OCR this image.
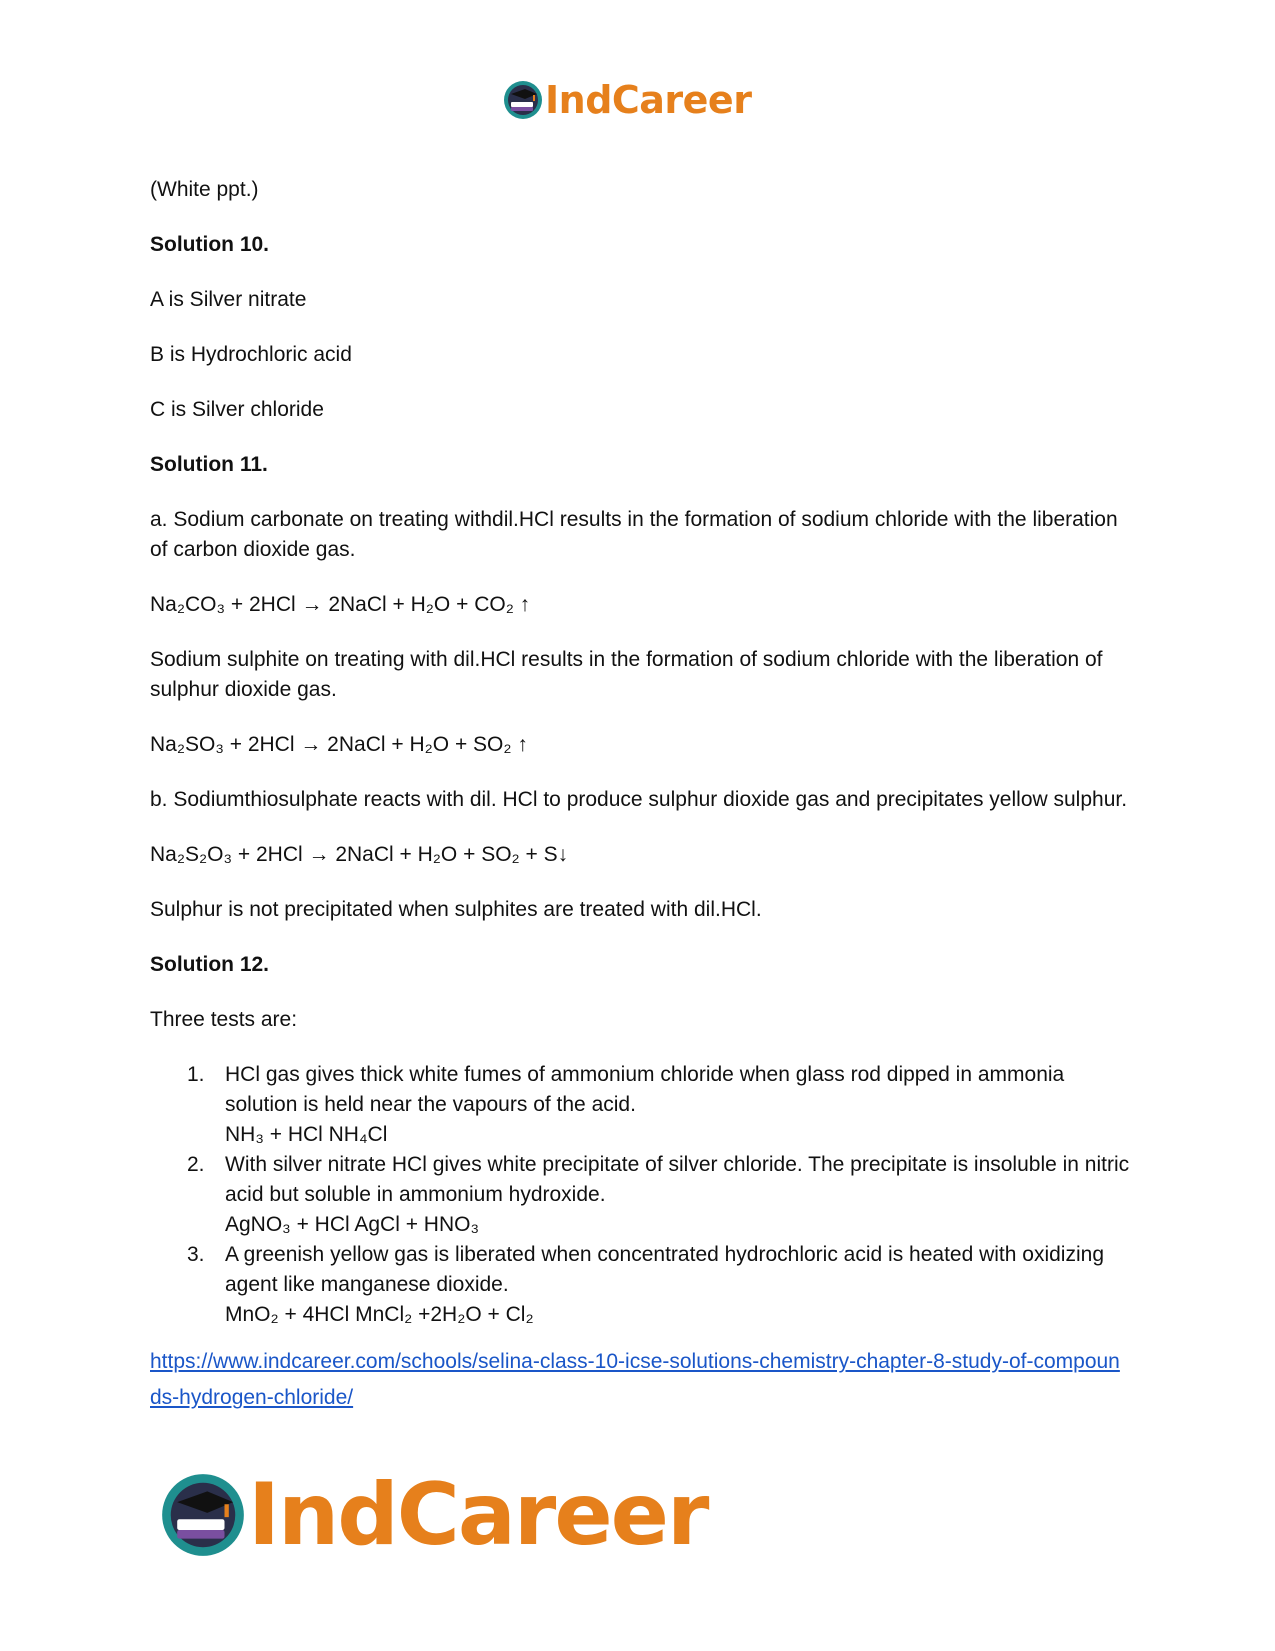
IndCareer

(White ppt.)

Solution 10.

A is Silver nitrate

B is Hydrochloric acid

C is Silver chloride

Solution 11.

a. Sodium carbonate on treating withdil.HCl results in the formation of sodium chloride with the liberation of carbon dioxide gas.

Na₂CO₃ + 2HCl → 2NaCl + H₂O + CO₂ ↑

Sodium sulphite on treating with dil.HCl results in the formation of sodium chloride with the liberation of sulphur dioxide gas.

Na₂SO₃ + 2HCl → 2NaCl + H₂O + SO₂ ↑

b. Sodiumthiosulphate reacts with dil. HCl to produce sulphur dioxide gas and precipitates yellow sulphur.

Na₂S₂O₃ + 2HCl → 2NaCl + H₂O + SO₂ + S↓

Sulphur is not precipitated when sulphites are treated with dil.HCl.

Solution 12.

Three tests are:

1. HCl gas gives thick white fumes of ammonium chloride when glass rod dipped in ammonia solution is held near the vapours of the acid.
NH₃ + HCl NH₄Cl
2. With silver nitrate HCl gives white precipitate of silver chloride. The precipitate is insoluble in nitric acid but soluble in ammonium hydroxide.
AgNO₃ + HCl AgCl + HNO₃
3. A greenish yellow gas is liberated when concentrated hydrochloric acid is heated with oxidizing agent like manganese dioxide.
MnO₂ + 4HCl MnCl₂ +2H₂O + Cl₂
https://www.indcareer.com/schools/selina-class-10-icse-solutions-chemistry-chapter-8-study-of-compounds-hydrogen-chloride/
IndCareer
